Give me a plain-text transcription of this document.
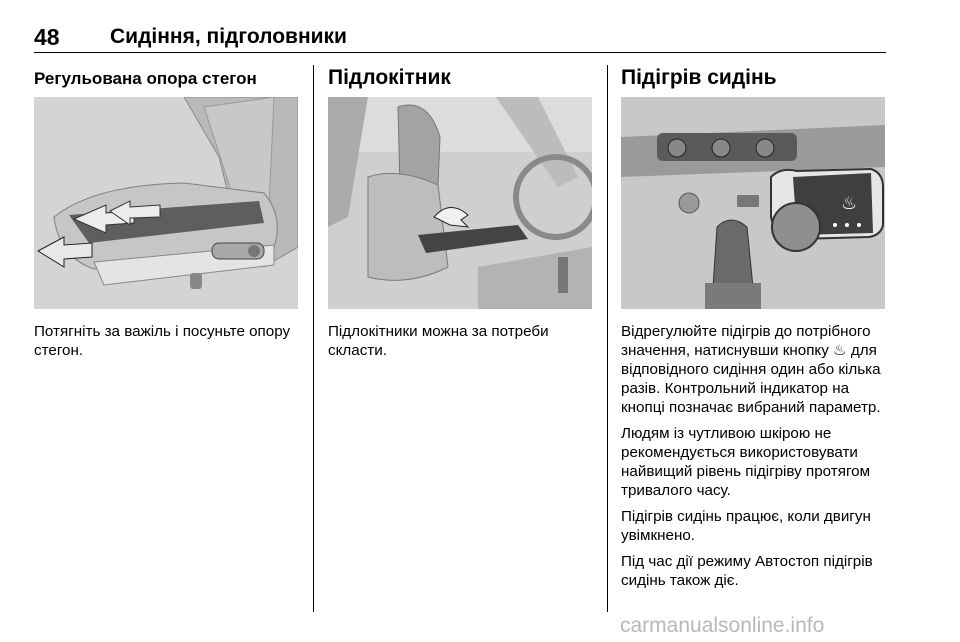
48 Сидіння, підголовники
Регульована опора стегон

Потягніть за важіль і посуньте опору стегон.

Підлокітник

Підлокітники можна за потреби скласти.

Підігрів сидінь
♨

Відрегулюйте підігрів до потрібного значення, натиснувши кнопку ♨ для відповідного сидіння один або кілька разів. Контрольний індикатор на кнопці позначає вибраний параметр.

Людям із чутливою шкірою не рекомендується використовувати найвищий рівень підігріву протягом тривалого часу.

Підігрів сидінь працює, коли двигун увімкнено.

Під час дії режиму Автостоп підігрів сидінь також діє.

carmanualsonline.info
